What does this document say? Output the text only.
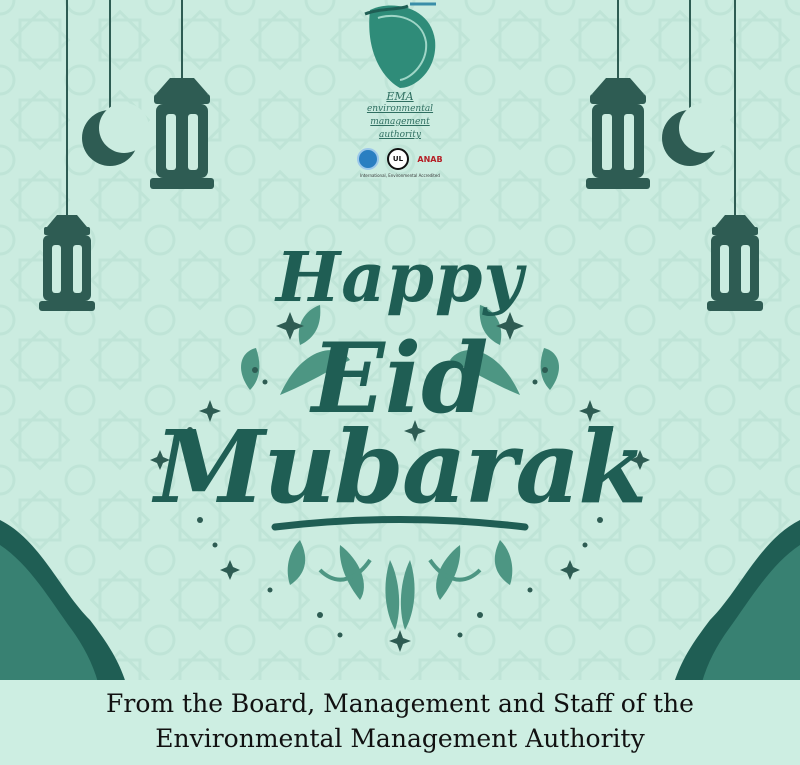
EMA
environmental
management
authority
UL	ANAB
International, Environmental Accredited
Happy
Eid
Mubarak
From the Board, Management and Staff of the
Environmental Management Authority
